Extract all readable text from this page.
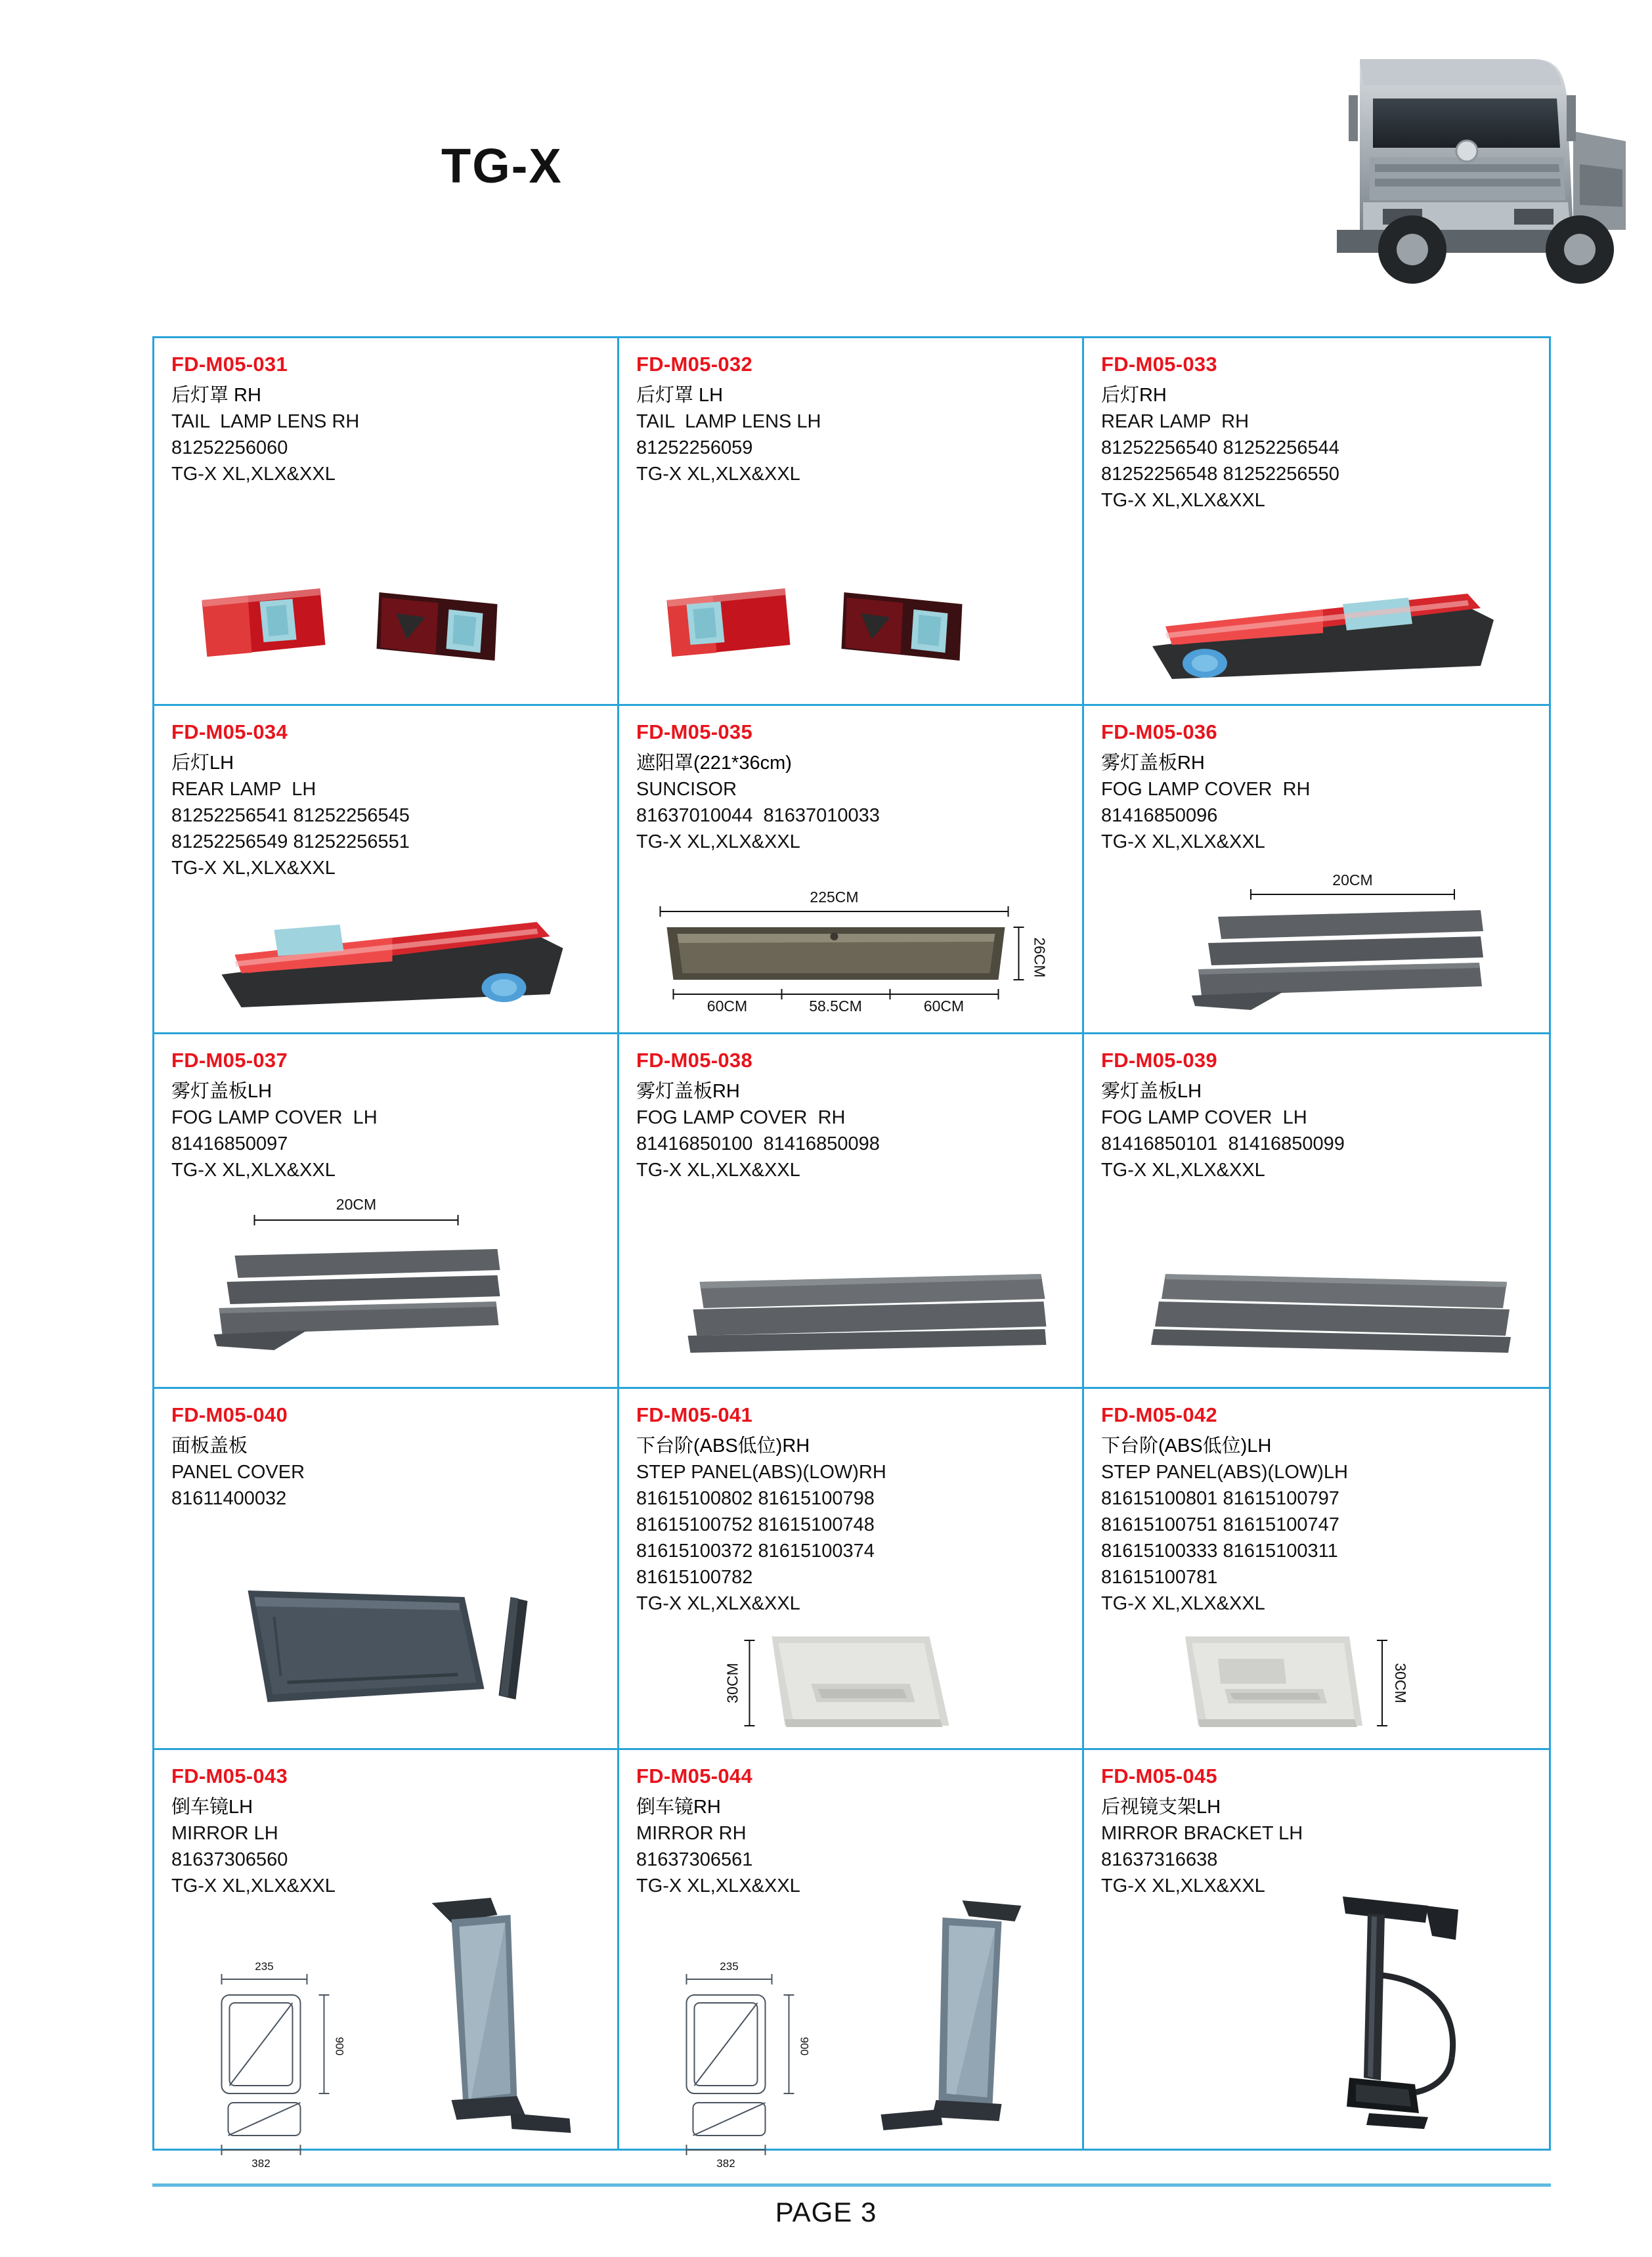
TG-X
FD-M05-031
后灯罩 RH
TAIL  LAMP LENS RH
81252256060
TG-X XL,XLX&XXL
FD-M05-032
后灯罩 LH
TAIL  LAMP LENS LH
81252256059
TG-X XL,XLX&XXL
FD-M05-033
后灯RH
REAR LAMP  RH
81252256540 81252256544
81252256548 81252256550
TG-X XL,XLX&XXL
FD-M05-034
后灯LH
REAR LAMP  LH
81252256541 81252256545
81252256549 81252256551
TG-X XL,XLX&XXL
FD-M05-035
遮阳罩(221*36cm)
SUNCISOR
81637010044  81637010033
TG-X XL,XLX&XXL
225CM
26CM
60CM	58.5CM	60CM
FD-M05-036
雾灯盖板RH
FOG LAMP COVER  RH
81416850096
TG-X XL,XLX&XXL
20CM
FD-M05-037
雾灯盖板LH
FOG LAMP COVER  LH
81416850097
TG-X XL,XLX&XXL
20CM
FD-M05-038
雾灯盖板RH
FOG LAMP COVER  RH
81416850100  81416850098
TG-X XL,XLX&XXL
FD-M05-039
雾灯盖板LH
FOG LAMP COVER  LH
81416850101  81416850099
TG-X XL,XLX&XXL
FD-M05-040
面板盖板
PANEL COVER
81611400032
FD-M05-041
下台阶(ABS低位)RH
STEP PANEL(ABS)(LOW)RH
81615100802 81615100798
81615100752 81615100748
81615100372 81615100374
81615100782
TG-X XL,XLX&XXL
30CM
FD-M05-042
下台阶(ABS低位)LH
STEP PANEL(ABS)(LOW)LH
81615100801 81615100797
81615100751 81615100747
81615100333 81615100311
81615100781
TG-X XL,XLX&XXL
30CM
FD-M05-043
倒车镜LH
MIRROR LH
81637306560
TG-X XL,XLX&XXL
235
900
382
FD-M05-044
倒车镜RH
MIRROR RH
81637306561
TG-X XL,XLX&XXL
235
900
382
FD-M05-045
后视镜支架LH
MIRROR BRACKET LH
81637316638
TG-X XL,XLX&XXL
PAGE 3
